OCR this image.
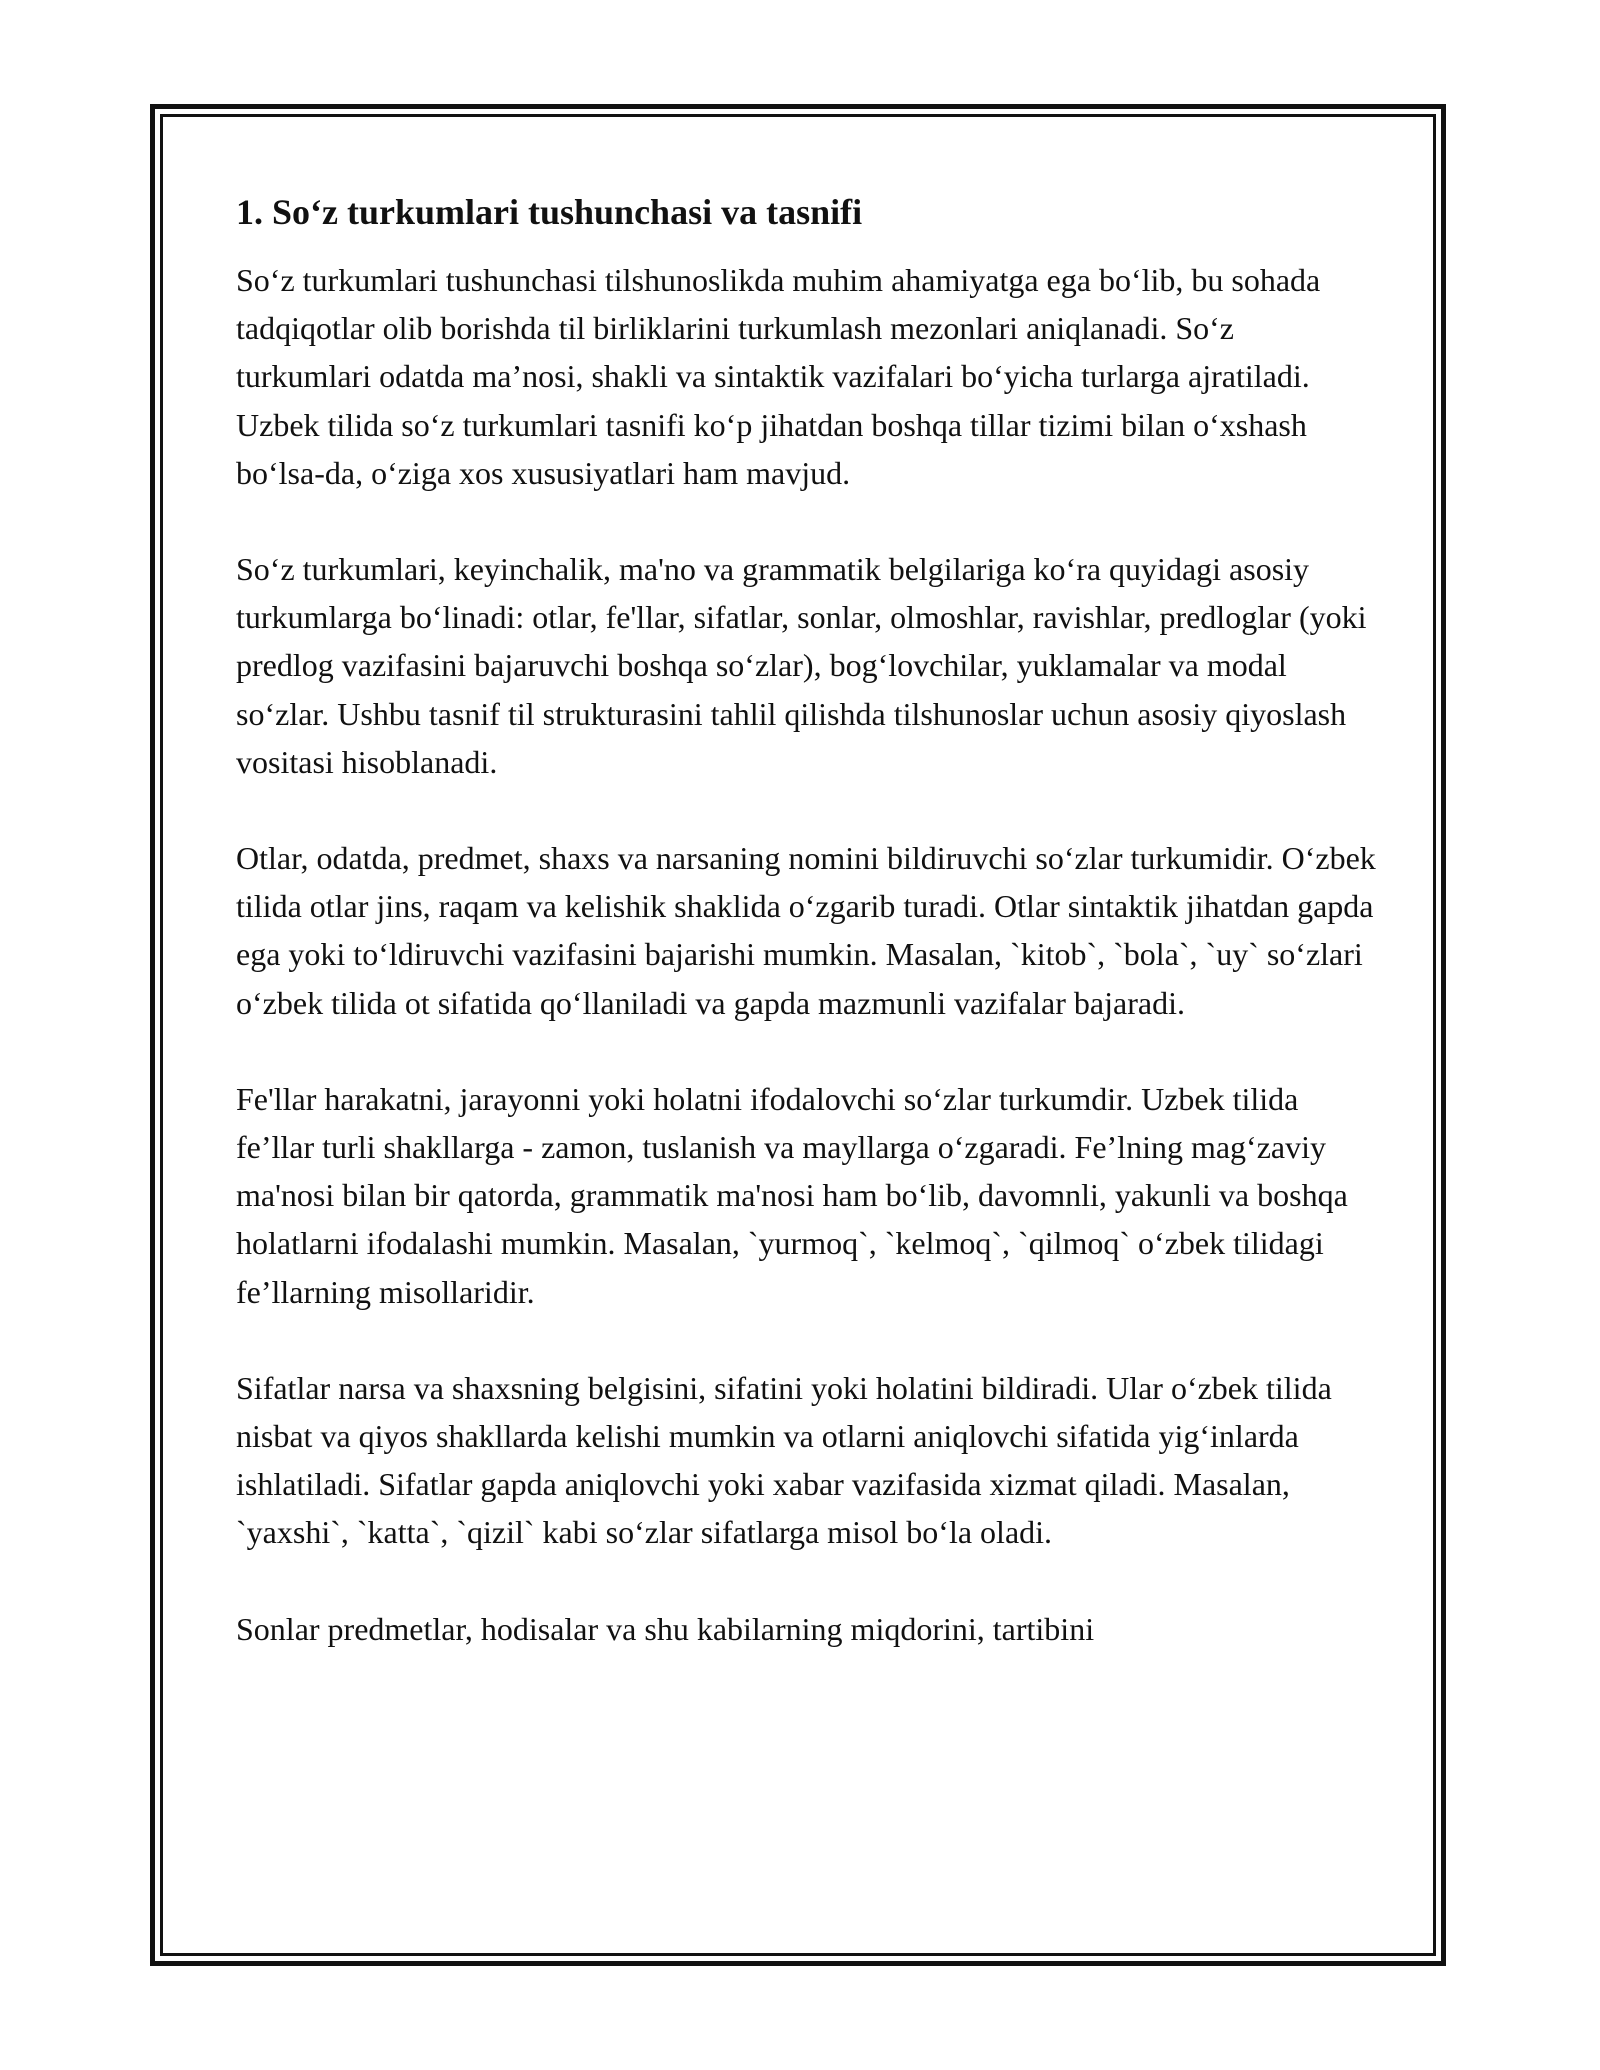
1. So‘z turkumlari tushunchasi va tasnifi

So‘z turkumlari tushunchasi tilshunoslikda muhim ahamiyatga ega bo‘lib, bu sohada tadqiqotlar olib borishda til birliklarini turkumlash mezonlari aniqlanadi. So‘z turkumlari odatda ma’nosi, shakli va sintaktik vazifalari bo‘yicha turlarga ajratiladi. Uzbek tilida so‘z turkumlari tasnifi ko‘p jihatdan boshqa tillar tizimi bilan o‘xshash bo‘lsa-da, o‘ziga xos xususiyatlari ham mavjud.

So‘z turkumlari, keyinchalik, ma'no va grammatik belgilariga ko‘ra quyidagi asosiy turkumlarga bo‘linadi: otlar, fe'llar, sifatlar, sonlar, olmoshlar, ravishlar, predloglar (yoki predlog vazifasini bajaruvchi boshqa so‘zlar), bog‘lovchilar, yuklamalar va modal so‘zlar. Ushbu tasnif til strukturasini tahlil qilishda tilshunoslar uchun asosiy qiyoslash vositasi hisoblanadi.

Otlar, odatda, predmet, shaxs va narsaning nomini bildiruvchi so‘zlar turkumidir. O‘zbek tilida otlar jins, raqam va kelishik shaklida o‘zgarib turadi. Otlar sintaktik jihatdan gapda ega yoki to‘ldiruvchi vazifasini bajarishi mumkin. Masalan, `kitob`, `bola`, `uy` so‘zlari o‘zbek tilida ot sifatida qo‘llaniladi va gapda mazmunli vazifalar bajaradi.

Fe'llar harakatni, jarayonni yoki holatni ifodalovchi so‘zlar turkumdir. Uzbek tilida fe’llar turli shakllarga - zamon, tuslanish va mayllarga o‘zgaradi. Fe’lning mag‘zaviy ma'nosi bilan bir qatorda, grammatik ma'nosi ham bo‘lib, davomnli, yakunli va boshqa holatlarni ifodalashi mumkin. Masalan, `yurmoq`, `kelmoq`, `qilmoq` o‘zbek tilidagi fe’llarning misollaridir.

Sifatlar narsa va shaxsning belgisini, sifatini yoki holatini bildiradi. Ular o‘zbek tilida nisbat va qiyos shakllarda kelishi mumkin va otlarni aniqlovchi sifatida yig‘inlarda ishlatiladi. Sifatlar gapda aniqlovchi yoki xabar vazifasida xizmat qiladi. Masalan, `yaxshi`, `katta`, `qizil` kabi so‘zlar sifatlarga misol bo‘la oladi.

Sonlar predmetlar, hodisalar va shu kabilarning miqdorini, tartibini
